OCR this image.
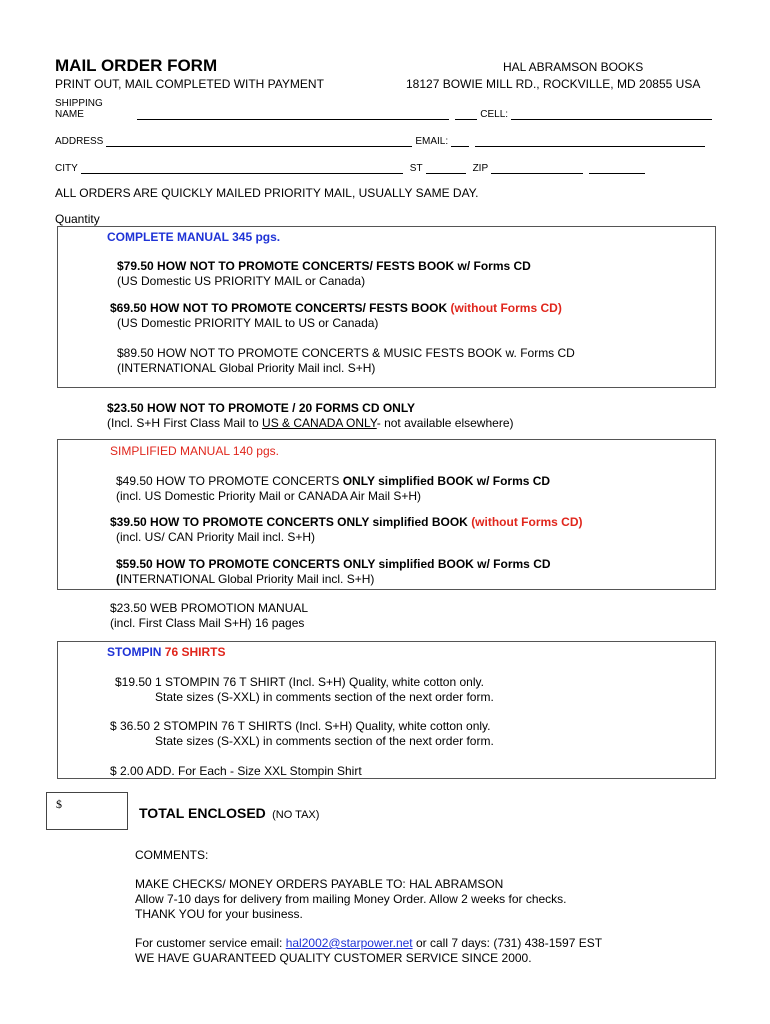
MAIL ORDER FORM
PRINT OUT, MAIL COMPLETED WITH PAYMENT
HAL ABRAMSON BOOKS
18127 BOWIE MILL RD., ROCKVILLE, MD 20855 USA
SHIPPING NAME	CELL:
ADDRESS	EMAIL:
CITY	ST	ZIP
ALL ORDERS ARE QUICKLY MAILED PRIORITY MAIL, USUALLY SAME DAY.
Quantity
COMPLETE MANUAL 345 pgs.
$79.50 HOW NOT TO PROMOTE CONCERTS/ FESTS BOOK w/ Forms CD
(US Domestic US PRIORITY MAIL or Canada)
$69.50 HOW NOT TO PROMOTE CONCERTS/ FESTS BOOK (without Forms CD)
(US Domestic PRIORITY MAIL to US or Canada)
$89.50 HOW NOT TO PROMOTE CONCERTS & MUSIC FESTS BOOK w. Forms CD
(INTERNATIONAL Global Priority Mail incl. S+H)
$23.50 HOW NOT TO PROMOTE / 20 FORMS CD ONLY
(Incl. S+H First Class Mail to US & CANADA ONLY- not available elsewhere)
SIMPLIFIED MANUAL 140 pgs.
$49.50 HOW TO PROMOTE CONCERTS ONLY simplified BOOK w/ Forms CD
(incl. US Domestic Priority Mail or CANADA Air Mail S+H)
$39.50 HOW TO PROMOTE CONCERTS ONLY simplified BOOK (without Forms CD)
(incl. US/ CAN Priority Mail incl. S+H)
$59.50 HOW TO PROMOTE CONCERTS ONLY simplified BOOK w/ Forms CD
(INTERNATIONAL Global Priority Mail incl. S+H)
$23.50 WEB PROMOTION MANUAL
(incl. First Class Mail S+H) 16 pages
STOMPIN 76 SHIRTS
$19.50 1 STOMPIN 76 T SHIRT (Incl. S+H) Quality, white cotton only.
State sizes (S-XXL) in comments section of the next order form.
$ 36.50 2 STOMPIN 76 T SHIRTS (Incl. S+H) Quality, white cotton only.
State sizes (S-XXL) in comments section of the next order form.
$ 2.00 ADD. For Each - Size XXL Stompin Shirt
$
TOTAL ENCLOSED (NO TAX)
COMMENTS:
MAKE CHECKS/ MONEY ORDERS PAYABLE TO: HAL ABRAMSON
Allow 7-10 days for delivery from mailing Money Order. Allow 2 weeks for checks.
THANK YOU for your business.
For customer service email: hal2002@starpower.net or call 7 days: (731) 438-1597 EST
WE HAVE GUARANTEED QUALITY CUSTOMER SERVICE SINCE 2000.
